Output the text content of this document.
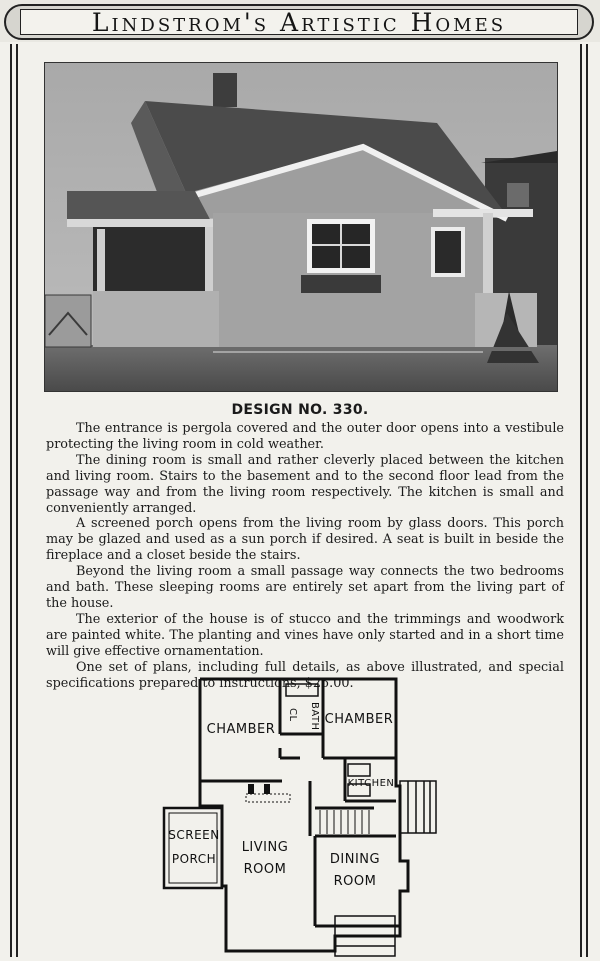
Lindstrom's Artistic Homes
DESIGN NO. 330.

The entrance is pergola covered and the outer door opens into a vestibule protecting the living room in cold weather.

The dining room is small and rather cleverly placed between the kitchen and living room. Stairs to the basement and to the second floor lead from the passage way and from the living room respectively. The kitchen is small and conveniently arranged.

A screened porch opens from the living room by glass doors. This porch may be glazed and used as a sun porch if desired. A seat is built in beside the fireplace and a closet beside the stairs.

Beyond the living room a small passage way connects the two bedrooms and bath. These sleeping rooms are entirely set apart from the living part of the house.

The exterior of the house is of stucco and the trimmings and woodwork are painted white. The planting and vines have only started and in a short time will give effective ornamentation.

One set of plans, including full details, as above illustrated, and special specifications prepared to instructions, $25.00.

CHAMBER
CL	BATH CHAMBER
KITCHEN
SCREEN
PORCH
LIVING
ROOM
DINING
ROOM
